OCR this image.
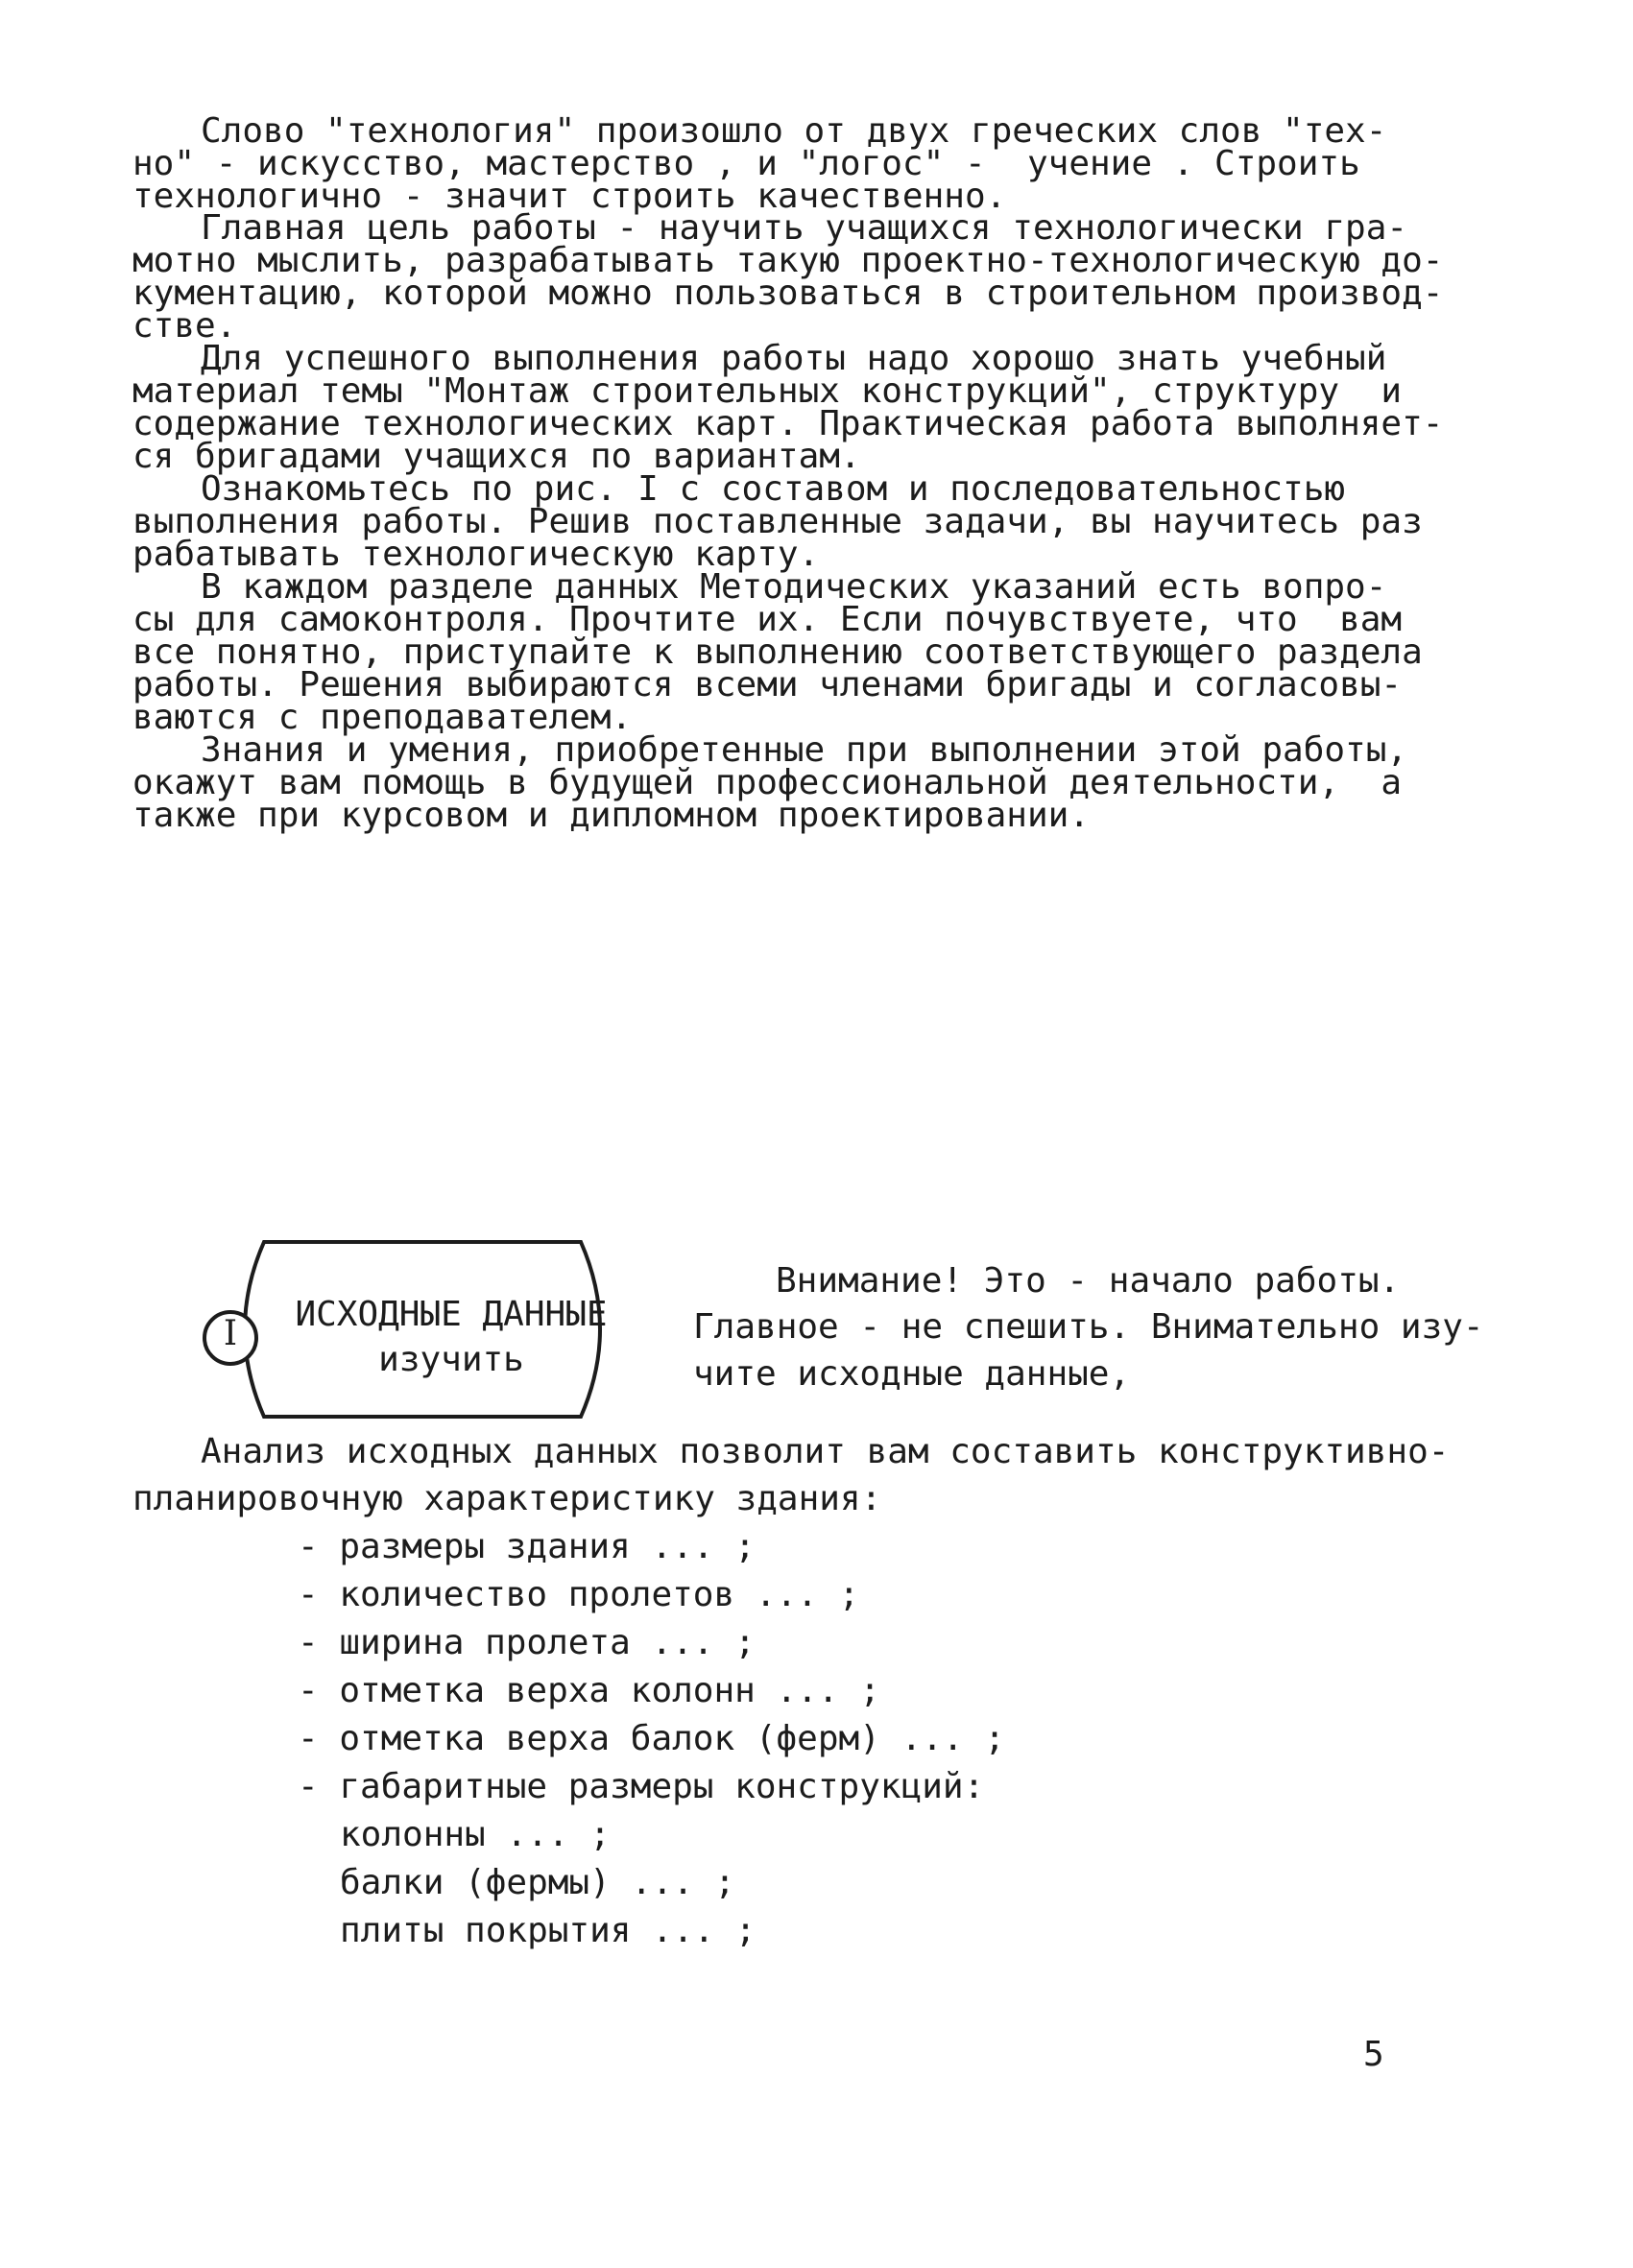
Слово "технология" произошло от двух греческих слов "тех-
но" - искусство, мастерство , и "логос" -  учение . Строить
технологично - значит строить качественно.
Главная цель работы - научить учащихся технологически гра-
мотно мыслить, разрабатывать такую проектно-технологическую до-
кументацию, которой можно пользоваться в строительном производ-
стве.
Для успешного выполнения работы надо хорошо знать учебный
материал темы "Монтаж строительных конструкций", структуру  и
содержание технологических карт. Практическая работа выполняет-
ся бригадами учащихся по вариантам.
Ознакомьтесь по рис. I с составом и последовательностью
выполнения работы. Решив поставленные задачи, вы научитесь раз
рабатывать технологическую карту.
В каждом разделе данных Методических указаний есть вопро-
сы для самоконтроля. Прочтите их. Если почувствуете, что  вам
все понятно, приступайте к выполнению соответствующего раздела
работы. Решения выбираются всеми членами бригады и согласовы-
ваются с преподавателем.
Знания и умения, приобретенные при выполнении этой работы,
окажут вам помощь в будущей профессиональной деятельности,  а
также при курсовом и дипломном проектировании.
I	ИСХОДНЫЕ ДАННЫЕ
изучить
Внимание! Это - начало работы.
Главное - не спешить. Внимательно изу-
чите исходные данные,
Анализ исходных данных позволит вам составить конструктивно-
планировочную характеристику здания:
- размеры здания ... ;
- количество пролетов ... ;
- ширина пролета ... ;
- отметка верха колонн ... ;
- отметка верха балок (ферм) ... ;
- габаритные размеры конструкций:
колонны ... ;
балки (фермы) ... ;
плиты покрытия ... ;
5
